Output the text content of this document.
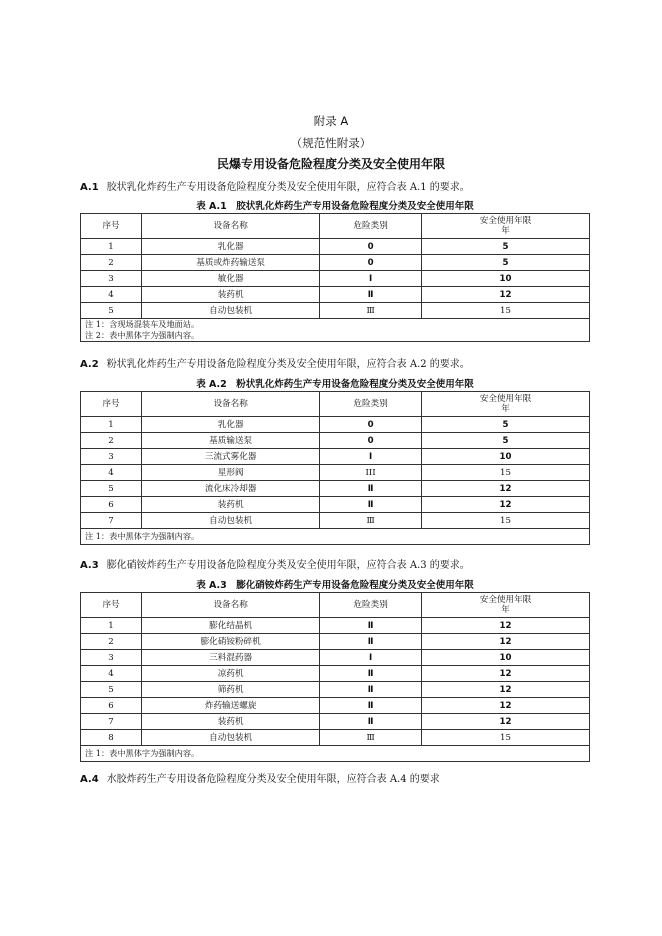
附录 A
（规范性附录）
民爆专用设备危险程度分类及安全使用年限
A.1 胶状乳化炸药生产专用设备危险程度分类及安全使用年限，应符合表 A.1 的要求。
表 A.1　胶状乳化炸药生产专用设备危险程度分类及安全使用年限
序号	设备名称	危险类别	安全使用年限
年
1	乳化器	0	5
2	基质或炸药输送泵	0	5
3	敏化器	Ⅰ	10
4	装药机	Ⅱ	12
5	自动包装机	Ⅲ	15
注 1：含现场混装车及地面站。
注 2：表中黑体字为强制内容。			
A.2 粉状乳化炸药生产专用设备危险程度分类及安全使用年限，应符合表 A.2 的要求。
表 A.2　粉状乳化炸药生产专用设备危险程度分类及安全使用年限
序号	设备名称	危险类别	安全使用年限
年
1	乳化器	0	5
2	基质输送泵	0	5
3	三流式雾化器	Ⅰ	10
4	星形阀	III	15
5	流化床冷却器	Ⅱ	12
6	装药机	Ⅱ	12
7	自动包装机	Ⅲ	15
注 1：表中黑体字为强制内容。			
A.3 膨化硝铵炸药生产专用设备危险程度分类及安全使用年限，应符合表 A.3 的要求。
表 A.3　膨化硝铵炸药生产专用设备危险程度分类及安全使用年限
序号	设备名称	危险类别	安全使用年限
年
1	膨化结晶机	Ⅱ	12
2	膨化硝铵粉碎机	Ⅱ	12
3	三料混药器	Ⅰ	10
4	凉药机	Ⅱ	12
5	筛药机	Ⅱ	12
6	炸药输送螺旋	Ⅱ	12
7	装药机	Ⅱ	12
8	自动包装机	Ⅲ	15
注 1：表中黑体字为强制内容。			
A.4 水胶炸药生产专用设备危险程度分类及安全使用年限，应符合表 A.4 的要求
